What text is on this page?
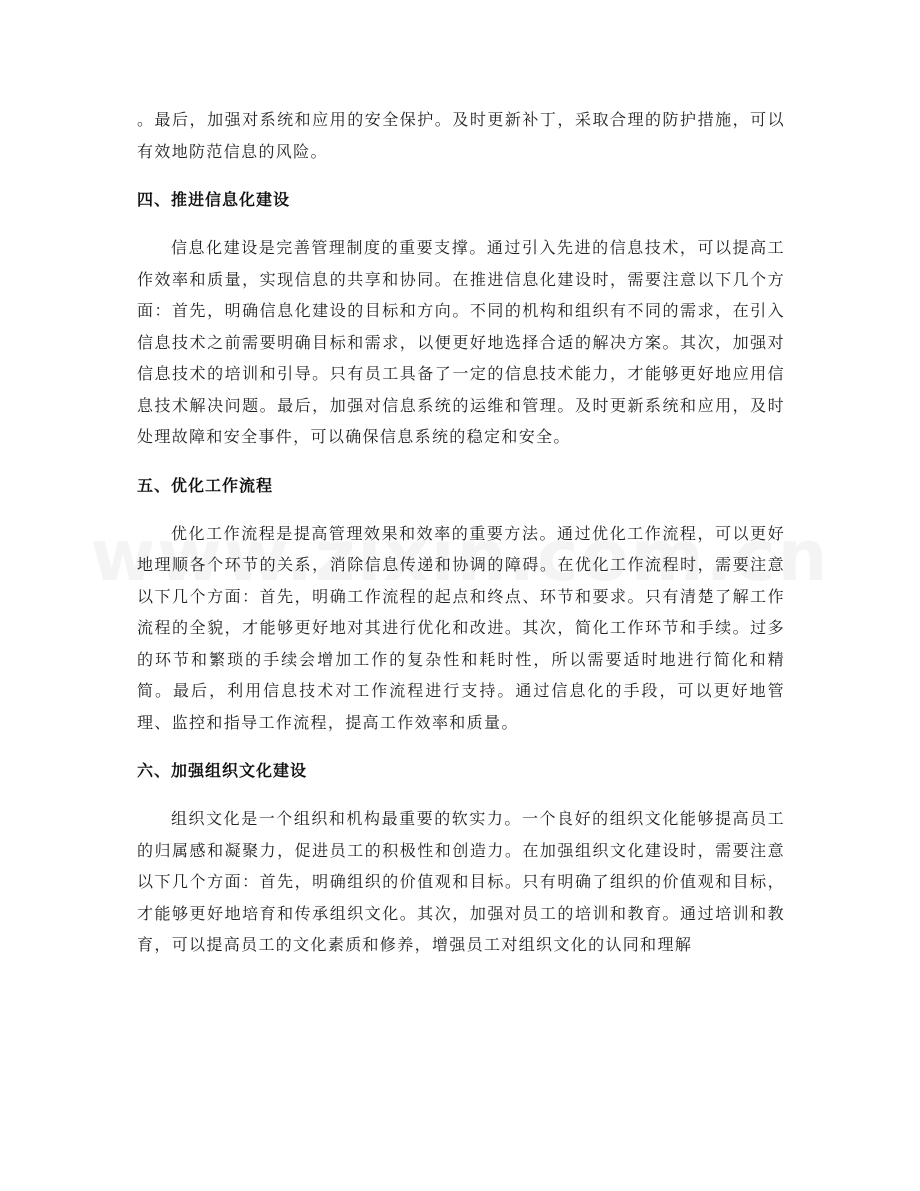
。最后，加强对系统和应用的安全保护。及时更新补丁，采取合理的防护措施，可以有效地防范信息的风险。

四、推进信息化建设

信息化建设是完善管理制度的重要支撑。通过引入先进的信息技术，可以提高工作效率和质量，实现信息的共享和协同。在推进信息化建设时，需要注意以下几个方面：首先，明确信息化建设的目标和方向。不同的机构和组织有不同的需求，在引入信息技术之前需要明确目标和需求，以便更好地选择合适的解决方案。其次，加强对信息技术的培训和引导。只有员工具备了一定的信息技术能力，才能够更好地应用信息技术解决问题。最后，加强对信息系统的运维和管理。及时更新系统和应用，及时处理故障和安全事件，可以确保信息系统的稳定和安全。

五、优化工作流程

优化工作流程是提高管理效果和效率的重要方法。通过优化工作流程，可以更好地理顺各个环节的关系，消除信息传递和协调的障碍。在优化工作流程时，需要注意以下几个方面：首先，明确工作流程的起点和终点、环节和要求。只有清楚了解工作流程的全貌，才能够更好地对其进行优化和改进。其次，简化工作环节和手续。过多的环节和繁琐的手续会增加工作的复杂性和耗时性，所以需要适时地进行简化和精简。最后，利用信息技术对工作流程进行支持。通过信息化的手段，可以更好地管理、监控和指导工作流程，提高工作效率和质量。

六、加强组织文化建设

组织文化是一个组织和机构最重要的软实力。一个良好的组织文化能够提高员工的归属感和凝聚力，促进员工的积极性和创造力。在加强组织文化建设时，需要注意以下几个方面：首先，明确组织的价值观和目标。只有明确了组织的价值观和目标，才能够更好地培育和传承组织文化。其次，加强对员工的培训和教育。通过培训和教育，可以提高员工的文化素质和修养，增强员工对组织文化的认同和理解
